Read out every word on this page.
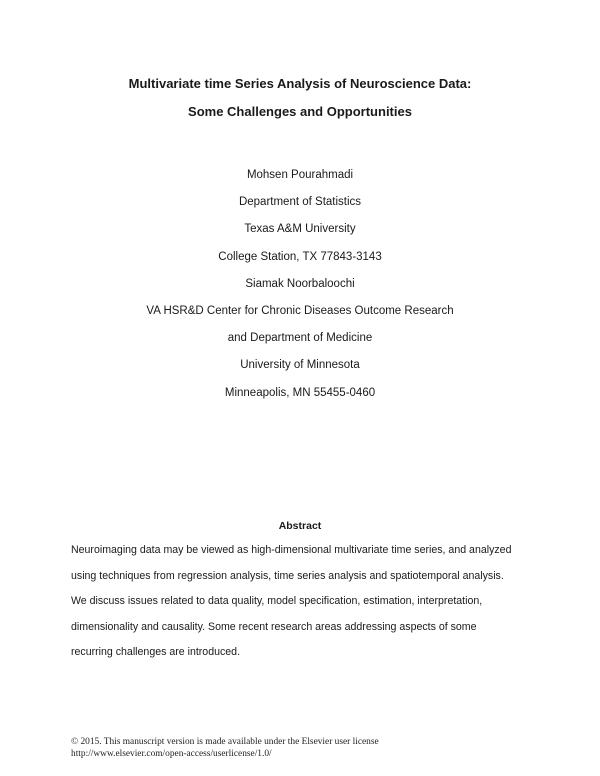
Multivariate time Series Analysis of Neuroscience Data:
Some Challenges and Opportunities
Mohsen Pourahmadi
Department of Statistics
Texas A&M University
College Station, TX 77843-3143
Siamak Noorbaloochi
VA HSR&D Center for Chronic Diseases Outcome Research
and Department of Medicine
University of Minnesota
Minneapolis, MN 55455-0460
Abstract
Neuroimaging data may be viewed as high-dimensional multivariate time series, and analyzed
using techniques from regression analysis, time series analysis and spatiotemporal analysis.
We discuss issues related to data quality, model specification, estimation, interpretation,
dimensionality and causality. Some recent research areas addressing aspects of some
recurring challenges are introduced.
© 2015. This manuscript version is made available under the Elsevier user license
http://www.elsevier.com/open-access/userlicense/1.0/
